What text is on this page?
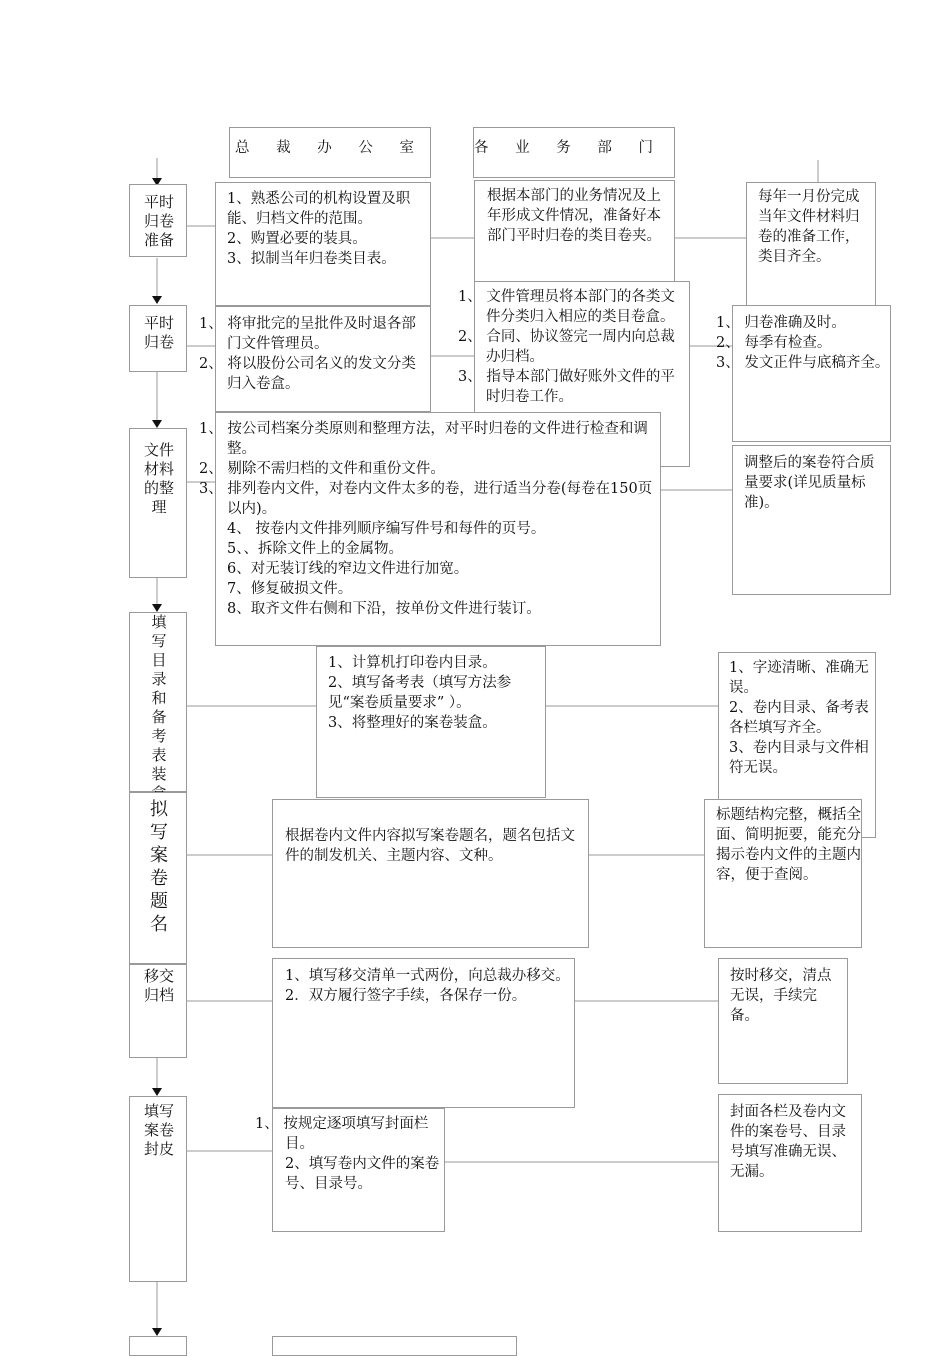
总 裁 办 公 室	各 业 务 部 门
平时归卷准备
平时归卷
文件材料的整理
填写目录和备考表装
拟写案卷题名
移交归档
填写案卷封皮

1、熟悉公司的机构设置及职能、归档文件的范围。

2、购置必要的装具。

3、拟制当年归卷类目表。

1、 将审批完的呈批件及时退各部门文件管理员。

2、 将以股份公司名义的发文分类归入卷盒。

根据本部门的业务情况及上年形成文件情况，准备好本部门平时归卷的类目卷夹。

1、 文件管理员将本部门的各类文件分类归入相应的类目卷盒。

2、 合同、协议签完一周内向总裁办归档。

3、 指导本部门做好账外文件的平时归卷工作。

1、 按公司档案分类原则和整理方法，对平时归卷的文件进行检查和调整。

2、 剔除不需归档的文件和重份文件。

3、 排列卷内文件，对卷内文件太多的卷，进行适当分卷(每卷在150页以内)。

4、 按卷内文件排列顺序编写件号和每件的页号。

5、、拆除文件上的金属物。

6、对无装订线的窄边文件进行加宽。

7、修复破损文件。

8、取齐文件右侧和下沿，按单份文件进行装订。

每年一月份完成当年文件材料归卷的准备工作，类目齐全。

1、 归卷准确及时。

2、 每季有检查。

3、 发文正件与底稿齐全。

调整后的案卷符合质量要求(详见质量标准)。

1、计算机打印卷内目录。

2、填写备考表（填写方法参见“案卷质量要求” ）。

3、将整理好的案卷装盒。

1、字迹清晰、准确无误。

2、卷内目录、备考表各栏填写齐全。

3、卷内目录与文件相符无误。

根据卷内文件内容拟写案卷题名，题名包括文件的制发机关、主题内容、文种。

标题结构完整，概括全面、简明扼要，能充分揭示卷内文件的主题内容，便于查阅。

1、填写移交清单一式两份，向总裁办移交。

2．双方履行签字手续，各保存一份。

按时移交，清点无误，手续完备。

1、 按规定逐项填写封面栏目。

2、填写卷内文件的案卷号、目录号。

封面各栏及卷内文件的案卷号、目录号填写准确无误、无漏。
